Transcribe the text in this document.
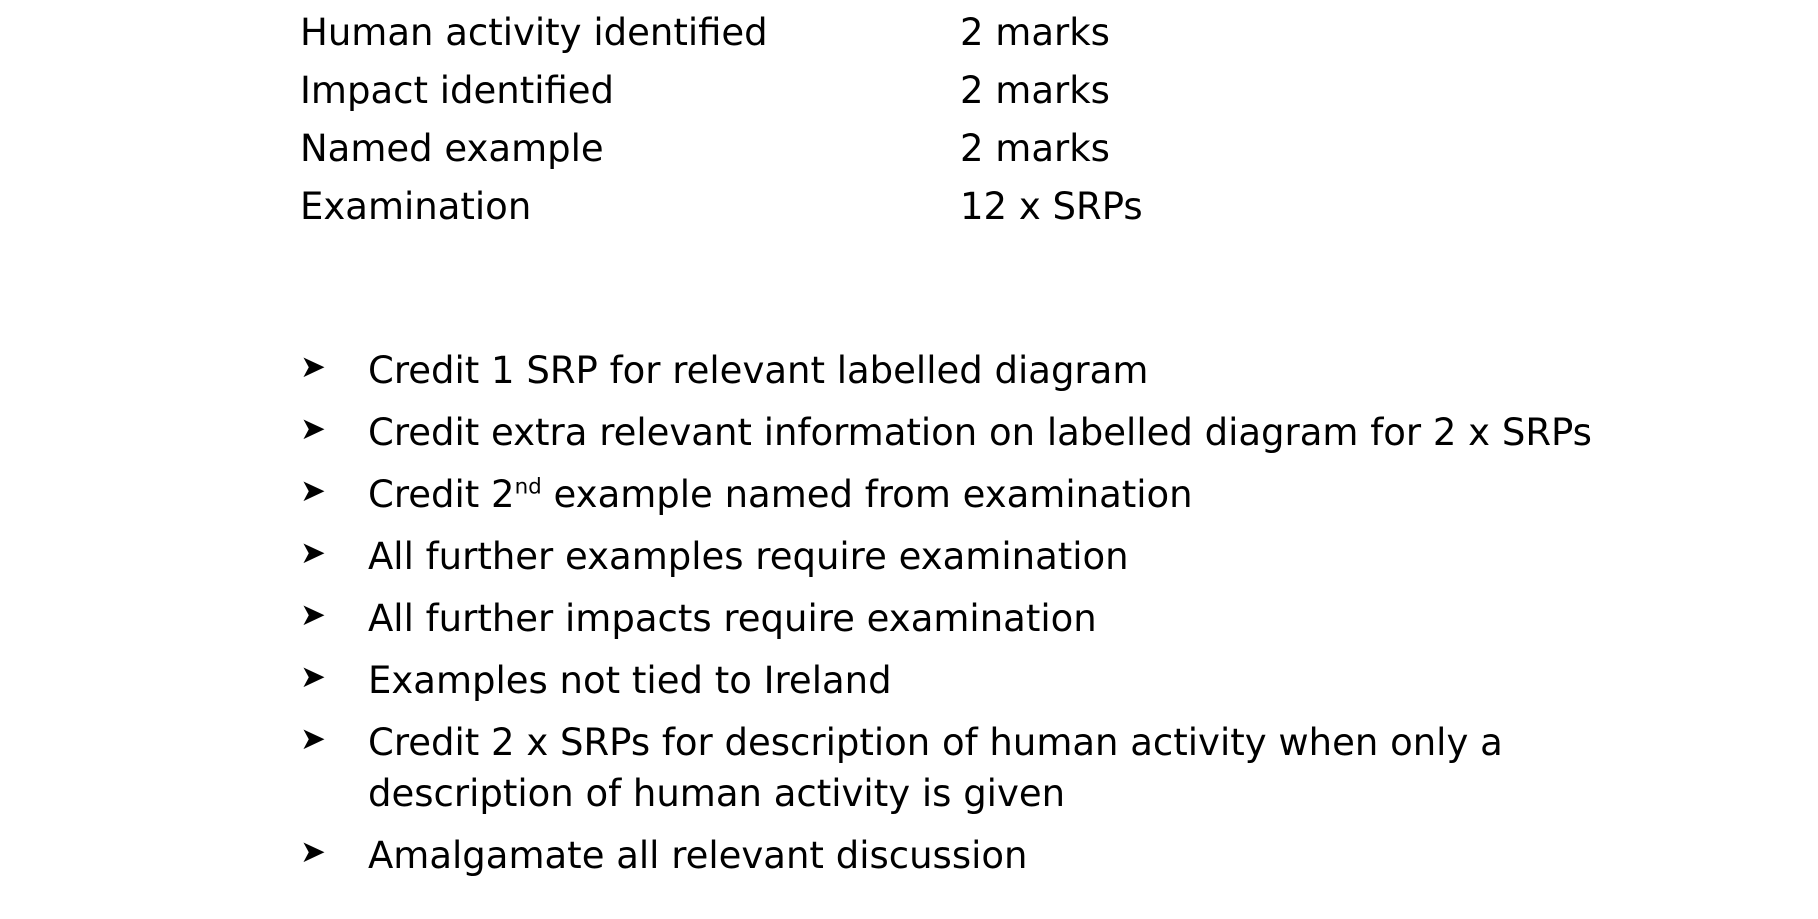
Human activity identified	2 marks
Impact identified	2 marks
Named example	2 marks
Examination	12 x SRPs
➤	Credit 1 SRP for relevant labelled diagram
➤	Credit extra relevant information on labelled diagram for 2 x SRPs
➤	Credit 2nd example named from examination
➤	All further examples require examination
➤	All further impacts require examination
➤	Examples not tied to Ireland
➤	Credit 2 x SRPs for description of human activity when only a description of human activity is given
➤	Amalgamate all relevant discussion
